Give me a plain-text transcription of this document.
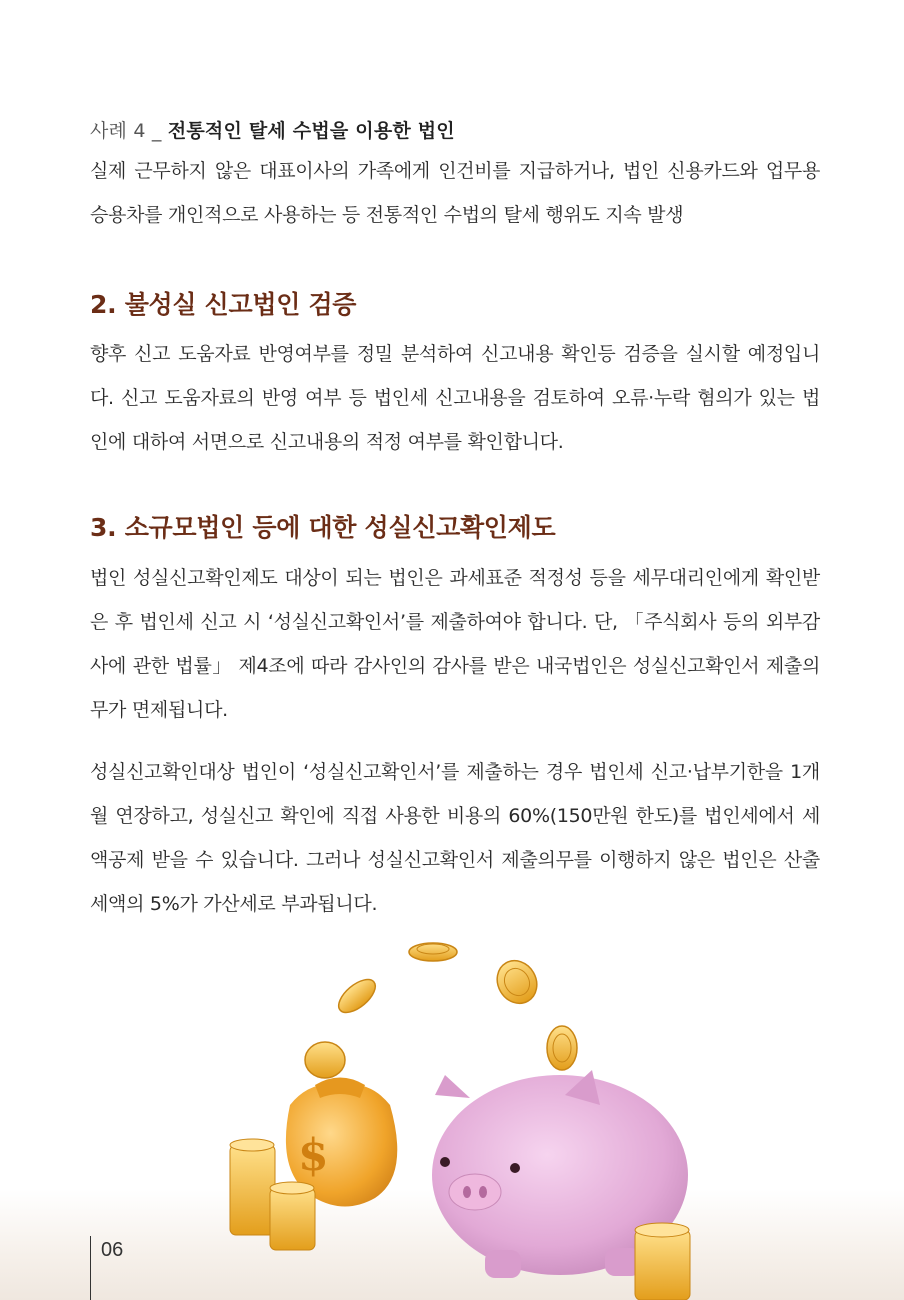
사례 4 _ 전통적인 탈세 수법을 이용한 법인
실제 근무하지 않은 대표이사의 가족에게 인건비를 지급하거나, 법인 신용카드와 업무용 승용차를 개인적으로 사용하는 등 전통적인 수법의 탈세 행위도 지속 발생
2. 불성실 신고법인 검증
향후 신고 도움자료 반영여부를 정밀 분석하여 신고내용 확인등 검증을 실시할 예정입니다. 신고 도움자료의 반영 여부 등 법인세 신고내용을 검토하여 오류·누락 혐의가 있는 법인에 대하여 서면으로 신고내용의 적정 여부를 확인합니다.
3. 소규모법인 등에 대한 성실신고확인제도
법인 성실신고확인제도 대상이 되는 법인은 과세표준 적정성 등을 세무대리인에게 확인받은 후 법인세 신고 시 ‘성실신고확인서’를 제출하여야 합니다. 단, 「주식회사 등의 외부감사에 관한 법률」 제4조에 따라 감사인의 감사를 받은 내국법인은 성실신고확인서 제출의무가 면제됩니다.
성실신고확인대상 법인이 ‘성실신고확인서’를 제출하는 경우 법인세 신고·납부기한을 1개월 연장하고, 성실신고 확인에 직접 사용한 비용의 60%(150만원 한도)를 법인세에서 세액공제 받을 수 있습니다. 그러나 성실신고확인서 제출의무를 이행하지 않은 법인은 산출세액의 5%가 가산세로 부과됩니다.
$
06
